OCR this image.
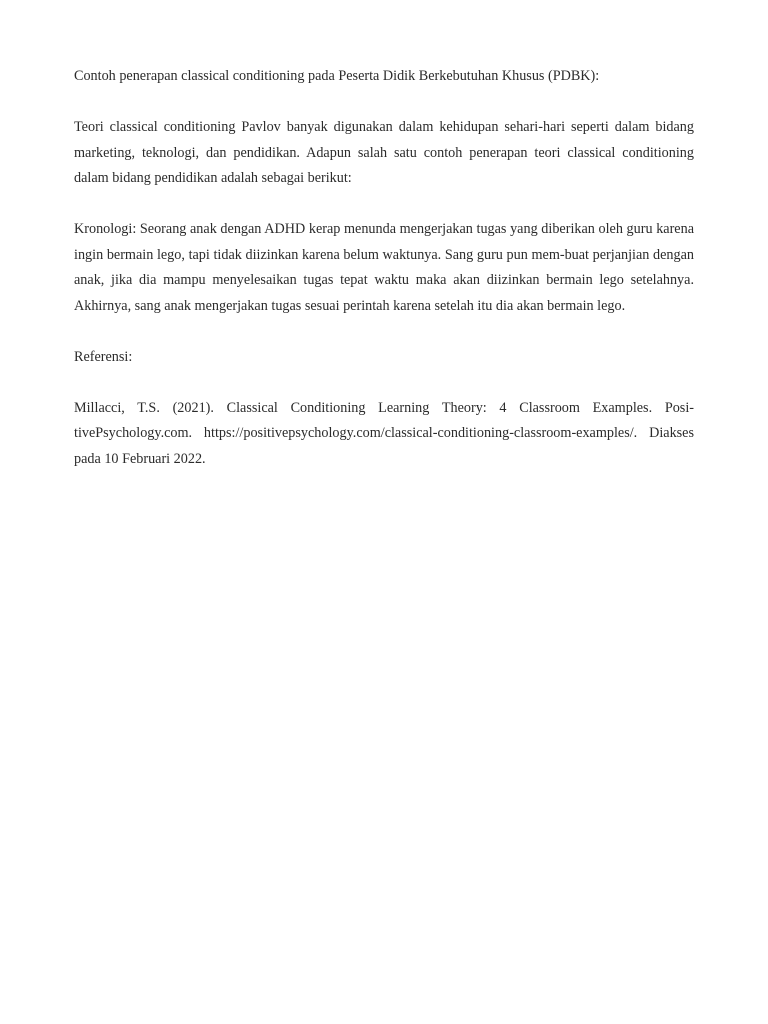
Contoh penerapan classical conditioning pada Peserta Didik Berkebutuhan Khusus (PDBK):

Teori classical conditioning Pavlov banyak digunakan dalam kehidupan sehari-hari seperti dalam bidang marketing, teknologi, dan pendidikan. Adapun salah satu contoh penerapan teori classical conditioning dalam bidang pendidikan adalah sebagai berikut:

Kronologi: Seorang anak dengan ADHD kerap menunda mengerjakan tugas yang diberikan oleh guru karena ingin bermain lego, tapi tidak diizinkan karena belum waktunya. Sang guru pun mem-buat perjanjian dengan anak, jika dia mampu menyelesaikan tugas tepat waktu maka akan diizinkan bermain lego setelahnya. Akhirnya, sang anak mengerjakan tugas sesuai perintah karena setelah itu dia akan bermain lego.

Referensi:

Millacci, T.S. (2021). Classical Conditioning Learning Theory: 4 Classroom Examples. Posi-tivePsychology.com. https://positivepsychology.com/classical-conditioning-classroom-examples/. Diakses pada 10 Februari 2022.
